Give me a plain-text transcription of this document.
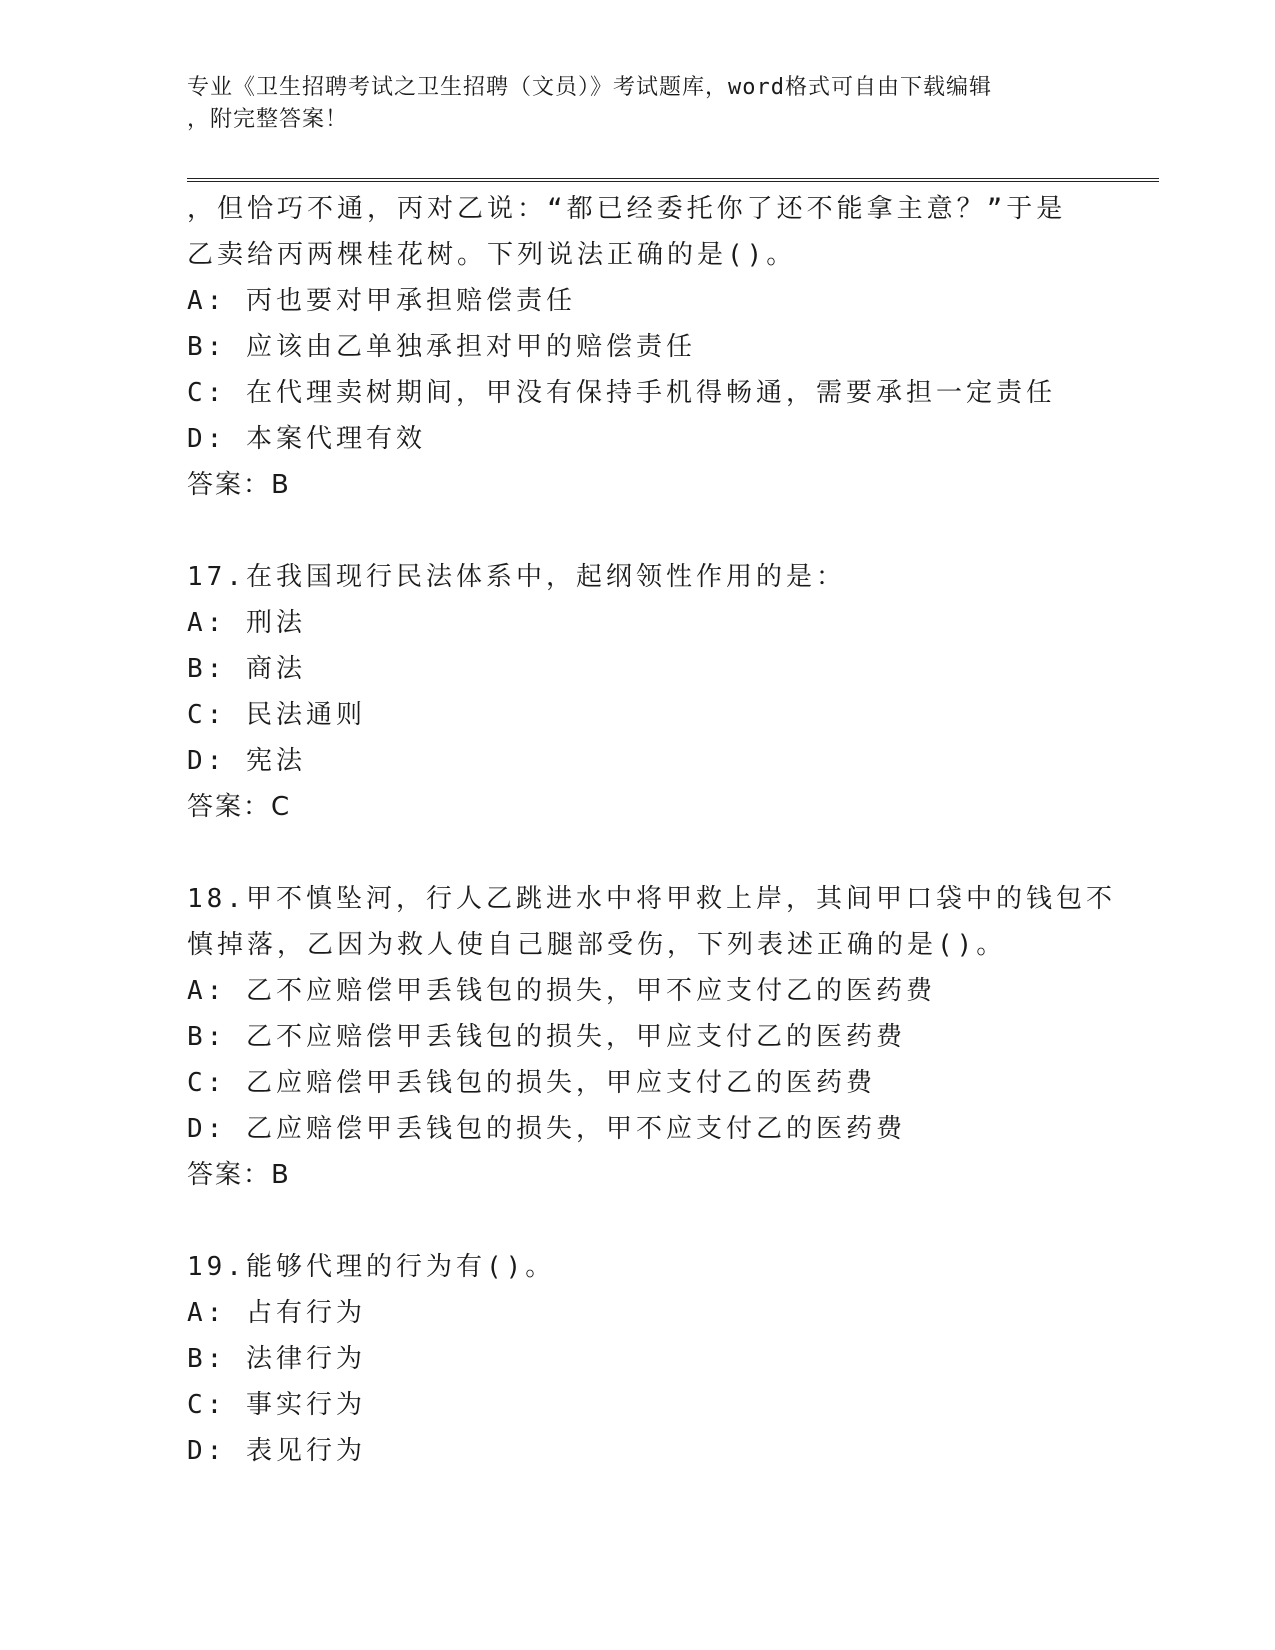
专业《卫生招聘考试之卫生招聘（文员）》考试题库，word格式可自由下载编辑
，附完整答案！
，但恰巧不通，丙对乙说：“都已经委托你了还不能拿主意？”于是
乙卖给丙两棵桂花树。下列说法正确的是()。
A: 丙也要对甲承担赔偿责任
B: 应该由乙单独承担对甲的赔偿责任
C: 在代理卖树期间，甲没有保持手机得畅通，需要承担一定责任
D: 本案代理有效
答案：B
17.在我国现行民法体系中，起纲领性作用的是：
A: 刑法
B: 商法
C: 民法通则
D: 宪法
答案：C
18.甲不慎坠河，行人乙跳进水中将甲救上岸，其间甲口袋中的钱包不
慎掉落，乙因为救人使自己腿部受伤，下列表述正确的是()。
A: 乙不应赔偿甲丢钱包的损失，甲不应支付乙的医药费
B: 乙不应赔偿甲丢钱包的损失，甲应支付乙的医药费
C: 乙应赔偿甲丢钱包的损失，甲应支付乙的医药费
D: 乙应赔偿甲丢钱包的损失，甲不应支付乙的医药费
答案：B
19.能够代理的行为有()。
A: 占有行为
B: 法律行为
C: 事实行为
D: 表见行为
